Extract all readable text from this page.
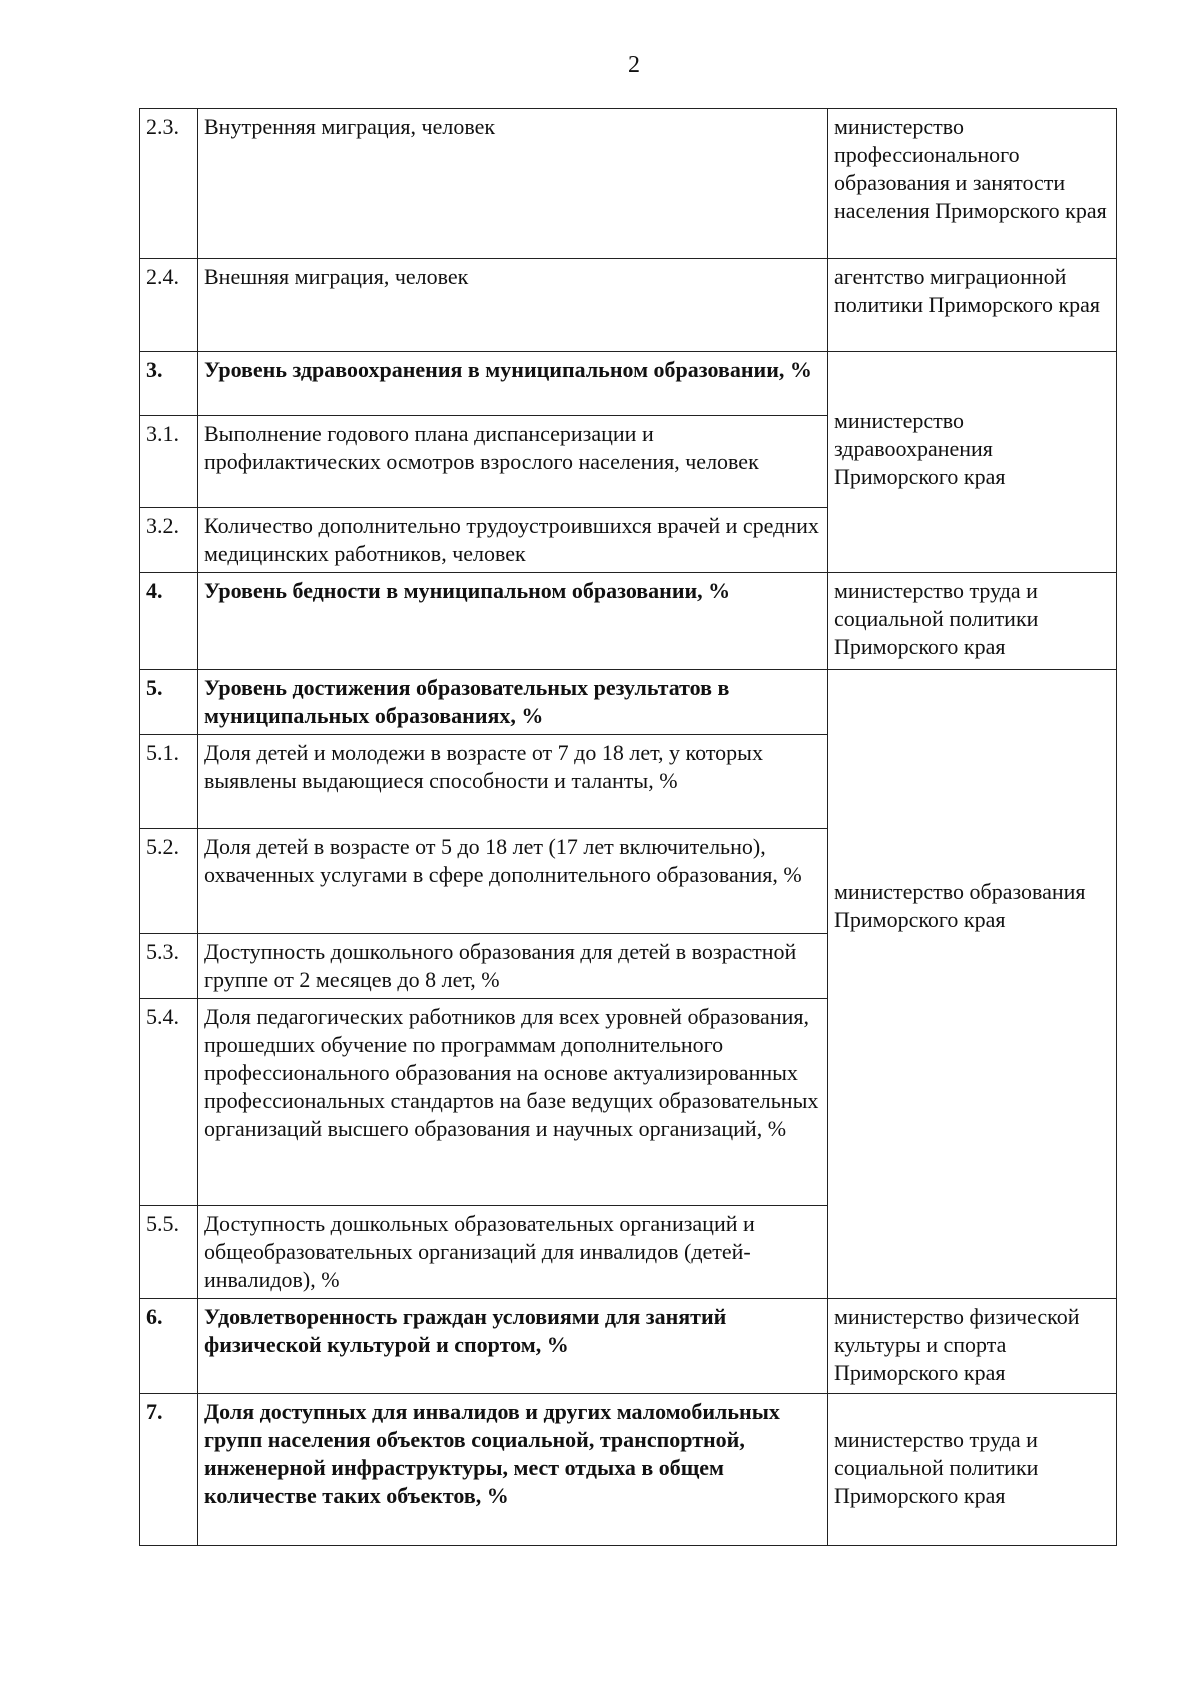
2
2.3.	Внутренняя миграция, человек	министерство профессионального образования и занятости населения Приморского края
2.4.	Внешняя миграция, человек	агентство миграционной политики Приморского края
3.	Уровень здравоохранения в муниципальном образовании, %	министерство здравоохранения Приморского края
3.1.	Выполнение годового плана диспансеризации и профилактических осмотров взрослого населения, человек	
3.2.	Количество дополнительно трудоустроившихся врачей и средних медицинских работников, человек	
4.	Уровень бедности в муниципальном образовании, %	министерство труда и социальной политики Приморского края
5.	Уровень достижения образовательных результатов в муниципальных образованиях, %	министерство образования Приморского края
5.1.	Доля детей и молодежи в возрасте от 7 до 18 лет, у которых выявлены выдающиеся способности и таланты, %	
5.2.	Доля детей в возрасте от 5 до 18 лет (17 лет включительно), охваченных услугами в сфере дополнительного образования, %	
5.3.	Доступность дошкольного образования для детей в возрастной группе от 2 месяцев до 8 лет, %	
5.4.	Доля педагогических работников для всех уровней образования, прошедших обучение по программам дополнительного профессионального образования на основе актуализированных профессиональных стандартов на базе ведущих образовательных организаций высшего образования и научных организаций, %	
5.5.	Доступность дошкольных образовательных организаций и общеобразовательных организаций для инвалидов (детей-инвалидов), %	
6.	Удовлетворенность граждан условиями для занятий физической культурой и спортом, %	министерство физической культуры и спорта Приморского края
7.	Доля доступных для инвалидов и других маломобильных групп населения объектов социальной, транспортной, инженерной инфраструктуры, мест отдыха в общем количестве таких объектов, %	министерство труда и социальной политики Приморского края
